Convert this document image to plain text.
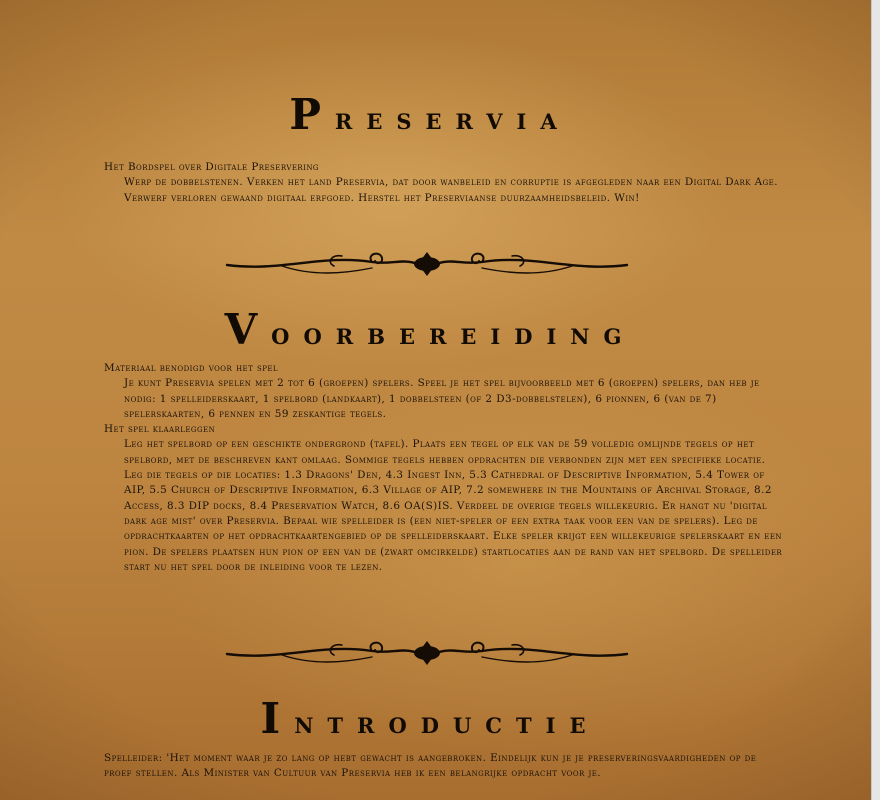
Preservia

Het Bordspel over Digitale Preservering

Werp de dobbelstenen. Verken het land Preservia, dat door wanbeleid en corruptie is afgegleden naar een Digital Dark Age. Verwerf verloren gewaand digitaal erfgoed. Herstel het Preserviaanse duurzaamheidsbeleid. Win!

Voorbereiding

Materiaal benodigd voor het spel

Je kunt Preservia spelen met 2 tot 6 (groepen) spelers. Speel je het spel bijvoorbeeld met 6 (groepen) spelers, dan heb je nodig: 1 spelleiderskaart, 1 spelbord (landkaart), 1 dobbelsteen (of 2 D3-dobbelstelen), 6 pionnen, 6 (van de 7) spelerskaarten, 6 pennen en 59 zeskantige tegels.

Het spel klaarleggen

Leg het spelbord op een geschikte ondergrond (tafel). Plaats een tegel op elk van de 59 volledig omlijnde tegels op het spelbord, met de beschreven kant omlaag. Sommige tegels hebben opdrachten die verbonden zijn met een specifieke locatie. Leg die tegels op die locaties: 1.3 Dragons' Den, 4.3 Ingest Inn, 5.3 Cathedral of Descriptive Information, 5.4 Tower of AIP, 5.5 Church of Descriptive Information, 6.3 Village of AIP, 7.2 somewhere in the Mountains of Archival Storage, 8.2 Access, 8.3 DIP docks, 8.4 Preservation Watch, 8.6 OA(S)IS. Verdeel de overige tegels willekeurig. Er hangt nu 'digital dark age mist' over Preservia. Bepaal wie spelleider is (een niet-speler of een extra taak voor een van de spelers). Leg de opdrachtkaarten op het opdrachtkaartengebied op de spelleiderskaart. Elke speler krijgt een willekeurige spelerskaart en een pion. De spelers plaatsen hun pion op een van de (zwart omcirkelde) startlocaties aan de rand van het spelbord. De spelleider start nu het spel door de inleiding voor te lezen.

Introductie

Spelleider: 'Het moment waar je zo lang op hebt gewacht is aangebroken. Eindelijk kun je je preserveringsvaardigheden op de proef stellen. Als Minister van Cultuur van Preservia heb ik een belangrijke opdracht voor je.
